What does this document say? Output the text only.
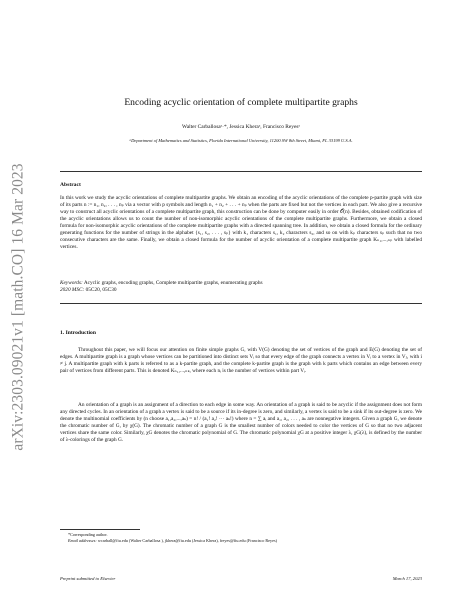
arXiv:2303.09021v1 [math.CO] 16 Mar 2023
Encoding acyclic orientation of complete multipartite graphs
Walter Carballosaᵃ·*, Jessica Kheraᵃ, Francisco Reyesᵃ
ᵃDepartment of Mathematics and Statistics, Florida International University, 11200 SW 8th Street, Miami, FL 33199 U.S.A.
Abstract
In this work we study the acyclic orientations of complete multipartite graphs. We obtain an encoding of the acyclic orientations of the complete p-partite graph with size of its parts n := n₁, n₂, . . . , nₚ via a vector with p symbols and length n₁ + n₂ + . . . + nₚ when the parts are fixed but not the vertices in each part. We also give a recursive way to construct all acyclic orientations of a complete multipartite graph, this construction can be done by computer easily in order 𝒪(n). Besides, obtained codification of the acyclic orientations allows us to count the number of non-isomorphic acyclic orientations of the complete multipartite graphs. Furthermore, we obtain a closed formula for non-isomorphic acyclic orientations of the complete multipartite graphs with a directed spanning tree. In addition, we obtain a closed formula for the ordinary generating functions for the number of strings in the alphabet {s₁, s₂, . . . , sₚ} with k₁ characters s₁, k₂ characters s₂, and so on with kₚ characters sₚ such that no two consecutive characters are the same. Finally, we obtain a closed formula for the number of acyclic orientation of a complete multipartite graph Kₙ₁,...,ₙₚ with labelled vertices.
Keywords: Acyclic graphs, encoding graphs, Complete multipartite graphs, enumerating graphs
2020 MSC: 05C20, 05C30
1. Introduction
Throughout this paper, we will focus our attention on finite simple graphs G, with V(G) denoting the set of vertices of the graph and E(G) denoting the set of edges. A multipartite graph is a graph whose vertices can be partitioned into distinct sets Vᵢ so that every edge of the graph connects a vertex in Vᵢ to a vertex in Vⱼ, with i ≠ j. A multipartite graph with k parts is referred to as a k-partite graph, and the complete k-partite graph is the graph with k parts which contains an edge between every pair of vertices from different parts. This is denoted Kₙ₁,...,ₙₖ, where each nᵢ is the number of vertices within part Vᵢ.
An orientation of a graph is an assignment of a direction to each edge in some way. An orientation of a graph is said to be acyclic if the assignment does not form any directed cycles. In an orientation of a graph a vertex is said to be a source if its in-degree is zero, and similarly, a vertex is said to be a sink if its out-degree is zero. We denote the multinomial coefficients by (n choose a₁,a₂,...,aₖ) = n! / (a₁! a₂! ··· aₖ!) where n = ∑ aᵢ and a₁, a₂, . . . , aₖ are nonnegative integers. Given a graph G, we denote the chromatic number of G, by χ(G). The chromatic number of a graph G is the smallest number of colors needed to color the vertices of G so that no two adjacent vertices share the same color. Similarly, χG denotes the chromatic polynomial of G. The chromatic polynomial χG at a positive integer λ, χG(λ), is defined by the number of λ-colorings of the graph G.
*Corresponding author.
Email addresses: wcarball@fiu.edu (Walter Carballosa ), jkhera@fiu.edu (Jessica Khera), freyes@fiu.edu (Francisco Reyes)
Preprint submitted to Elsevier	March 17, 2023
